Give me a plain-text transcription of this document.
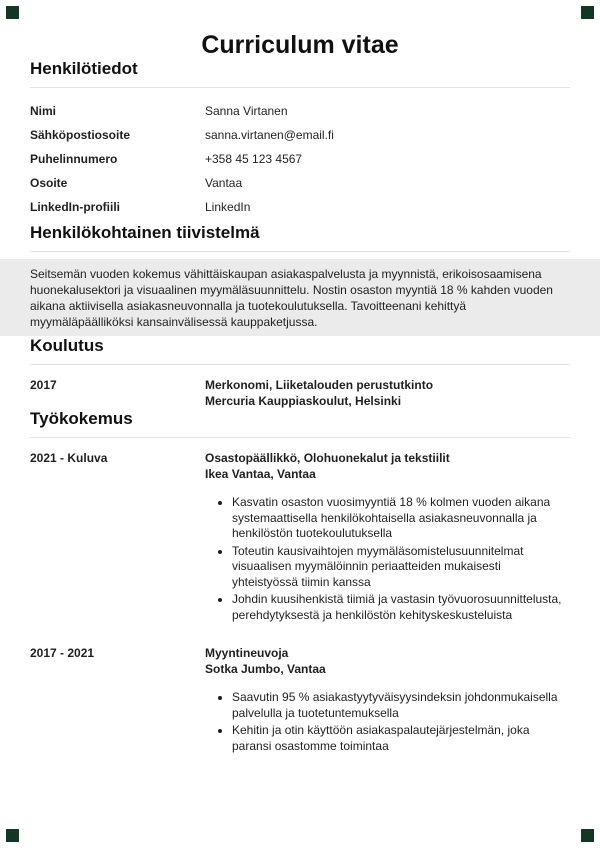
Curriculum vitae
Henkilötiedot
Nimi	Sanna Virtanen
Sähköpostiosoite	sanna.virtanen@email.fi
Puhelinnumero	+358 45 123 4567
Osoite	Vantaa
LinkedIn-profiili	LinkedIn
Henkilökohtainen tiivistelmä

Seitsemän vuoden kokemus vähittäiskaupan asiakaspalvelusta ja myynnistä, erikoisosaamisena huonekalusektori ja visuaalinen myymäläsuunnittelu. Nostin osaston myyntiä 18 % kahden vuoden aikana aktiivisella asiakasneuvonnalla ja tuotekoulutuksella. Tavoitteenani kehittyä myymäläpäälliköksi kansainvälisessä kauppaketjussa.

Koulutus
2017	Merkonomi, Liiketalouden perustutkinto
Mercuria Kauppiaskoulut, Helsinki
Työkokemus
2021 - Kuluva	Osastopäällikkö, Olohuonekalut ja tekstiilit
Ikea Vantaa, Vantaa
• Kasvatin osaston vuosimyyntiä 18 % kolmen vuoden aikana systemaattisella henkilökohtaisella asiakasneuvonnalla ja henkilöstön tuotekoulutuksella
• Toteutin kausivaihtojen myymäläsomistelusuunnitelmat visuaalisen myymälöinnin periaatteiden mukaisesti yhteistyössä tiimin kanssa
• Johdin kuusihenkistä tiimiä ja vastasin työvuorosuunnittelusta, perehdytyksestä ja henkilöstön kehityskeskusteluista
2017 - 2021	Myyntineuvoja
Sotka Jumbo, Vantaa
• Saavutin 95 % asiakastyytyväisyysindeksin johdonmukaisella palvelulla ja tuotetuntemuksella
• Kehitin ja otin käyttöön asiakaspalautejärjestelmän, joka paransi osastomme toimintaa
